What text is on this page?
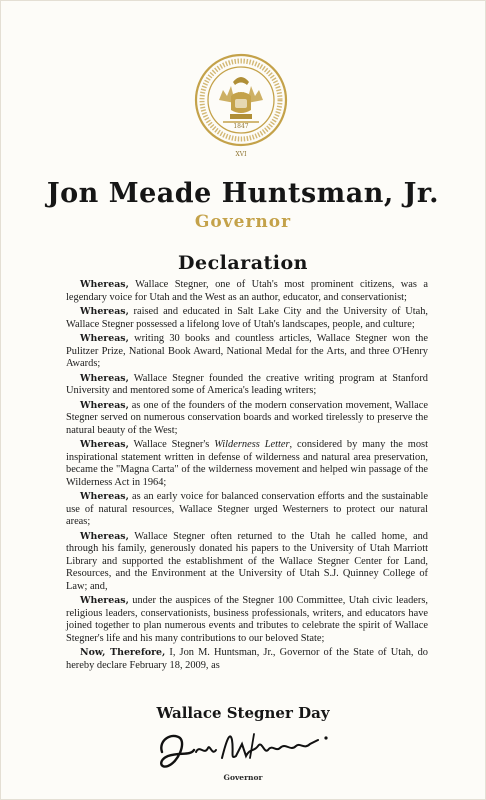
1847
XVI
Jon Meade Huntsman, Jr.
Governor
Declaration

Whereas, Wallace Stegner, one of Utah's most prominent citizens, was a legendary voice for Utah and the West as an author, educator, and conservationist;

Whereas, raised and educated in Salt Lake City and the University of Utah, Wallace Stegner possessed a lifelong love of Utah's landscapes, people, and culture;

Whereas, writing 30 books and countless articles, Wallace Stegner won the Pulitzer Prize, National Book Award, National Medal for the Arts, and three O'Henry Awards;

Whereas, Wallace Stegner founded the creative writing program at Stanford University and mentored some of America's leading writers;

Whereas, as one of the founders of the modern conservation movement, Wallace Stegner served on numerous conservation boards and worked tirelessly to preserve the natural beauty of the West;

Whereas, Wallace Stegner's Wilderness Letter, considered by many the most inspirational statement written in defense of wilderness and natural area preservation, became the "Magna Carta" of the wilderness movement and helped win passage of the Wilderness Act in 1964;

Whereas, as an early voice for balanced conservation efforts and the sustainable use of natural resources, Wallace Stegner urged Westerners to protect our natural areas;

Whereas, Wallace Stegner often returned to the Utah he called home, and through his family, generously donated his papers to the University of Utah Marriott Library and supported the establishment of the Wallace Stegner Center for Land, Resources, and the Environment at the University of Utah S.J. Quinney College of Law; and,

Whereas, under the auspices of the Stegner 100 Committee, Utah civic leaders, religious leaders, conservationists, business professionals, writers, and educators have joined together to plan numerous events and tributes to celebrate the spirit of Wallace Stegner's life and his many contributions to our beloved State;

Now, Therefore, I, Jon M. Huntsman, Jr., Governor of the State of Utah, do hereby declare February 18, 2009, as

Wallace Stegner Day
Governor
